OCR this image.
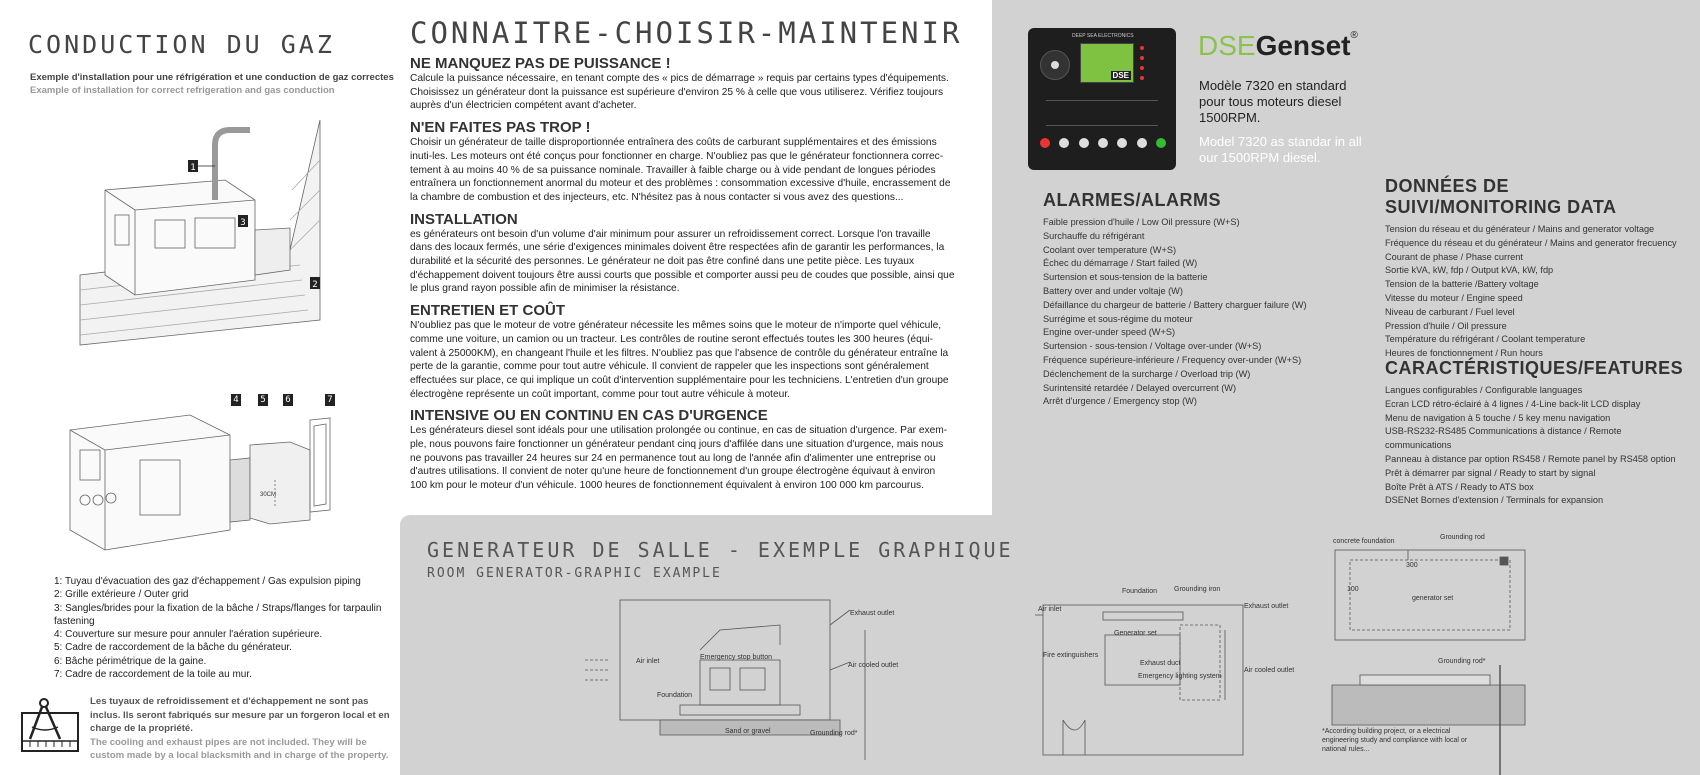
CONDUCTION DU GAZ
Exemple d'installation pour une réfrigération et une conduction de gaz correctes
Example of installation for correct refrigeration and gas conduction
1
3
2
30CM
4 5 6	7

1: Tuyau d'évacuation des gaz d'échappement / Gas expulsion piping

2: Grille extérieure / Outer grid

3: Sangles/brides pour la fixation de la bâche / Straps/flanges for tarpaulin fastening

4: Couverture sur mesure pour annuler l'aération supérieure.

5: Cadre de raccordement de la bâche du générateur.

6: Bâche périmétrique de la gaine.

7: Cadre de raccordement de la toile au mur.

Les tuyaux de refroidissement et d'échappement ne sont pas inclus. Ils seront fabriqués sur mesure par un forgeron local et en charge de la propriété.

The cooling and exhaust pipes are not included. They will be custom made by a local blacksmith and in charge of the property.

CONNAITRE-CHOISIR-MAINTENIR
NE MANQUEZ PAS DE PUISSANCE !

Calcule la puissance nécessaire, en tenant compte des « pics de démarrage » requis par certains types d'équipements. Choisissez un générateur dont la puissance est supérieure d'environ 25 % à celle que vous utiliserez. Vérifiez toujours auprès d'un électricien compétent avant d'acheter.

N'EN FAITES PAS TROP !

Choisir un générateur de taille disproportionnée entraînera des coûts de carburant supplémentaires et des émissions inuti-les. Les moteurs ont été conçus pour fonctionner en charge. N'oubliez pas que le générateur fonctionnera correc-tement à au moins 40 % de sa puissance nominale. Travailler à faible charge ou à vide pendant de longues périodes entraînera un fonctionnement anormal du moteur et des problèmes : consommation excessive d'huile, encrassement de la chambre de combustion et des injecteurs, etc. N'hésitez pas à nous contacter si vous avez des questions...

INSTALLATION

es générateurs ont besoin d'un volume d'air minimum pour assurer un refroidissement correct. Lorsque l'on travaille dans des locaux fermés, une série d'exigences minimales doivent être respectées afin de garantir les performances, la durabilité et la sécurité des personnes. Le générateur ne doit pas être confiné dans une petite pièce. Les tuyaux d'échappement doivent toujours être aussi courts que possible et comporter aussi peu de coudes que possible, ainsi que le plus grand rayon possible afin de minimiser la résistance.

ENTRETIEN ET COÛT

N'oubliez pas que le moteur de votre générateur nécessite les mêmes soins que le moteur de n'importe quel véhicule, comme une voiture, un camion ou un tracteur. Les contrôles de routine seront effectués toutes les 300 heures (équi-valent à 25000KM), en changeant l'huile et les filtres. N'oubliez pas que l'absence de contrôle du générateur entraîne la perte de la garantie, comme pour tout autre véhicule. Il convient de rappeler que les inspections sont généralement effectuées sur place, ce qui implique un coût d'intervention supplémentaire pour les techniciens. L'entretien d'un groupe électrogène représente un coût important, comme pour tout autre véhicule à moteur.

INTENSIVE OU EN CONTINU EN CAS D'URGENCE

Les générateurs diesel sont idéals pour une utilisation prolongée ou continue, en cas de situation d'urgence. Par exem-ple, nous pouvons faire fonctionner un générateur pendant cinq jours d'affilée dans une situation d'urgence, mais nous ne pouvons pas travailler 24 heures sur 24 en permanence tout au long de l'année afin d'alimenter une entreprise ou d'autres utilisations. Il convient de noter qu'une heure de fonctionnement d'un groupe électrogène équivaut à environ 100 km pour le moteur d'un véhicule. 1000 heures de fonctionnement équivalent à environ 100 000 km parcourus.

DEEP SEA ELECTRONICS
DSE
DSEGenset®
Modèle 7320 en standard pour tous moteurs diesel 1500RPM.
Model 7320 as standar in all our 1500RPM diesel.
ALARMES/ALARMS

Faible pression d'huile / Low Oil pressure (W+S)

Surchauffe du réfrigérant

Coolant over temperature (W+S)

Échec du démarrage / Start failed (W)

Surtension et sous-tension de la batterie

Battery over and under voltaje (W)

Défaillance du chargeur de batterie / Battery charguer failure (W)

Surrégime et sous-régime du moteur

Engine over-under speed (W+S)

Surtension - sous-tension / Voltage over-under (W+S)

Fréquence supérieure-inférieure / Frequency over-under (W+S)

Déclenchement de la surcharge / Overload trip (W)

Surintensité retardée / Delayed overcurrent (W)

Arrêt d'urgence / Emergency stop (W)

DONNÉES DE SUIVI/MONITORING DATA

Tension du réseau et du générateur / Mains and generator voltage

Fréquence du réseau et du générateur / Mains and generator frecuency

Courant de phase / Phase current

Sortie kVA, kW, fdp / Output kVA, kW, fdp

Tension de la batterie /Battery voltage

Vitesse du moteur / Engine speed

Niveau de carburant / Fuel level

Pression d'huile / Oil pressure

Température du réfrigérant / Coolant temperature

Heures de fonctionnement / Run hours

CARACTÉRISTIQUES/FEATURES

Langues configurables / Configurable languages

Ecran LCD rétro-éclairé à 4 lignes / 4-Line back-lit LCD display

Menu de navigation à 5 touche / 5 key menu navigation

USB-RS232-RS485 Communications à distance / Remote communications

Panneau à distance par option RS458 / Remote panel by RS458 option

Prêt à démarrer par signal / Ready to start by signal

Boîte Prêt à ATS / Ready to ATS box

DSENet Bornes d'extension / Terminals for expansion

GENERATEUR DE SALLE - EXEMPLE GRAPHIQUE
ROOM GENERATOR-GRAPHIC EXAMPLE
Exhaust outlet
Air inlet
Emergency stop button
Air cooled outlet
Foundation
Sand or gravel	Grounding rod*
Foundation Grounding iron
Exhaust outlet
Air inlet
Generator set
Fire extinguishers
Exhaust duct
Air cooled outlet
Emergency lighting system
concrete foundation
Grounding rod
300
100
generator set
Grounding rod*
*According building project, or a electrical engineering study and compliance with local or national rules...
